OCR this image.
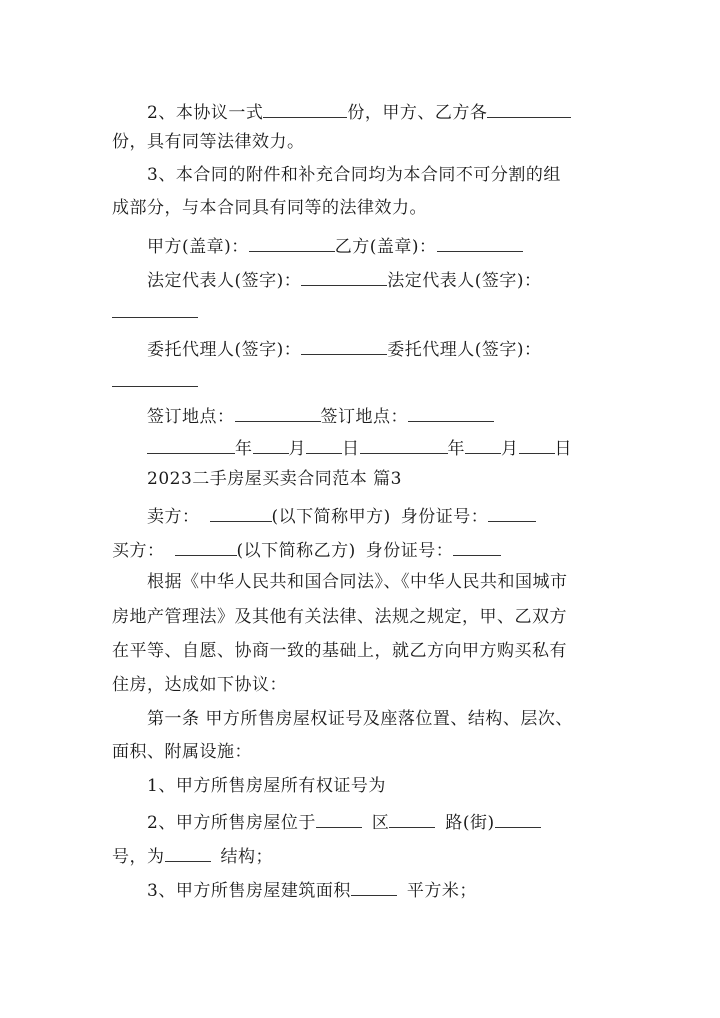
2、本协议一式	份，甲方、乙方各
份，具有同等法律效力。
3、本合同的附件和补充合同均为本合同不可分割的组
成部分，与本合同具有同等的法律效力。
甲方(盖章)：	乙方(盖章)：
法定代表人(签字)：	法定代表人(签字)：
委托代理人(签字)：	委托代理人(签字)：
签订地点：	签订地点：
年 月 日	年 月 日
2023二手房屋买卖合同范本 篇3
卖方：	(以下简称甲方) 身份证号：
买方：	(以下简称乙方) 身份证号：
根据《中华人民共和国合同法》、《中华人民共和国城市
房地产管理法》及其他有关法律、法规之规定，甲、乙双方
在平等、自愿、协商一致的基础上，就乙方向甲方购买私有
住房，达成如下协议：
第一条 甲方所售房屋权证号及座落位置、结构、层次、
面积、附属设施：
1、甲方所售房屋所有权证号为
2、甲方所售房屋位于	区	路(街)
号，为	结构；
3、甲方所售房屋建筑面积	平方米；
